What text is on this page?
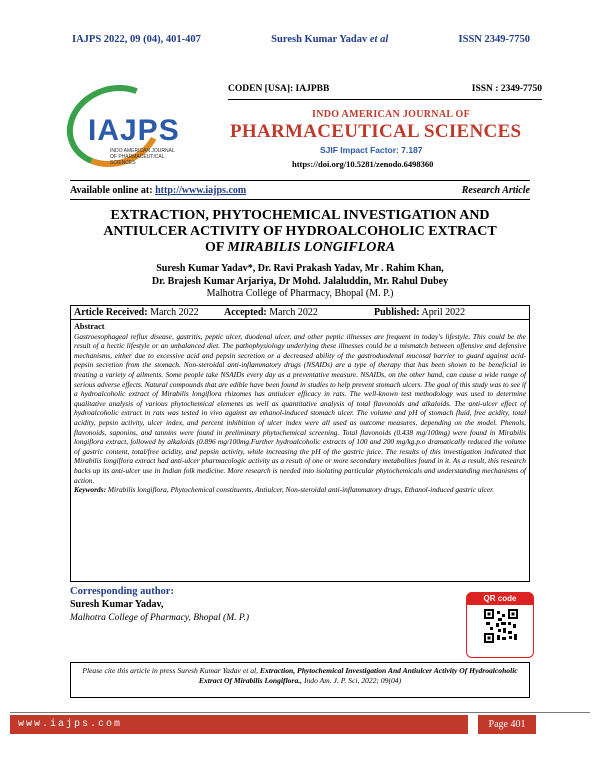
IAJPS 2022, 09 (04), 401-407	Suresh Kumar Yadav et al	ISSN 2349-7750
IAJPS
INDO AMERICAN JOURNAL OF PHARMACEUTICAL SCIENCES
CODEN [USA]: IAJPBB	ISSN : 2349-7750
INDO AMERICAN JOURNAL OF
PHARMACEUTICAL SCIENCES
SJIF Impact Factor: 7.187
https://doi.org/10.5281/zenodo.6498360
Available online at: http://www.iajps.com	Research Article
EXTRACTION, PHYTOCHEMICAL INVESTIGATION AND
ANTIULCER ACTIVITY OF HYDROALCOHOLIC EXTRACT
OF MIRABILIS LONGIFLORA
Suresh Kumar Yadav*, Dr. Ravi Prakash Yadav, Mr . Rahim Khan,
Dr. Brajesh Kumar Arjariya, Dr Mohd. Jalaluddin, Mr. Rahul Dubey
Malhotra College of Pharmacy, Bhopal (M. P.)
Article Received: March 2022	Accepted: March 2022	Published: April 2022
Abstract
Gastroesophageal reflux disease, gastritis, peptic ulcer, duodenal ulcer, and other peptic illnesses are frequent in today's lifestyle. This could be the result of a hectic lifestyle or an unbalanced diet. The pathophysiology underlying these illnesses could be a mismatch between offensive and defensive mechanisms, either due to excessive acid and pepsin secretion or a decreased ability of the gastroduodenal mucosal barrier to guard against acid-pepsin secretion from the stomach. Non-steroidal anti-inflammatory drugs (NSAIDs) are a type of therapy that has been shown to be beneficial in treating a variety of ailments. Some people take NSAIDs every day as a preventative measure. NSAIDs, on the other hand, can cause a wide range of serious adverse effects. Natural compounds that are edible have been found in studies to help prevent stomach ulcers. The goal of this study was to see if a hydroalcoholic extract of Mirabilis longiflora rhizomes has antiulcer efficacy in rats. The well-known test methodology was used to determine qualitative analysis of various phytochemical elements as well as quantitative analysis of total flavonoids and alkaloids. The anti-ulcer effect of hydroalcoholic extract in rats was tested in vivo against an ethanol-induced stomach ulcer. The volume and pH of stomach fluid, free acidity, total acidity, pepsin activity, ulcer index, and percent inhibition of ulcer index were all used as outcome measures, depending on the model. Phenols, flavonoids, saponins, and tannins were found in preliminary phytochemical screening. Total flavonoids (0.438 mg/100mg) were found in Mirabilis longiflora extract, followed by alkaloids (0.896 mg/100mg.Further hydroalcoholic extracts of 100 and 200 mg/kg.p.o dramatically reduced the volume of gastric content, total/free acidity, and pepsin activity, while increasing the pH of the gastric juice. The results of this investigation indicated that Mirabilis longiflora extract had anti-ulcer pharmacologic activity as a result of one or more secondary metabolites found in it. As a result, this research backs up its anti-ulcer use in Indian folk medicine. More research is needed into isolating particular phytochemicals and understanding mechanisms of action.
Keywords: Mirabilis longiflora, Phytochemical constituents, Antiulcer, Non-steroidal anti-inflammatory drugs, Ethanol-induced gastric ulcer.
Corresponding author:
Suresh Kumar Yadav,
Malhotra College of Pharmacy, Bhopal (M. P.)
QR code
Please cite this article in press Suresh Kumar Yadav et al, Extraction, Phytochemical Investigation And Antiulcer Activity Of Hydroalcoholic Extract Of Mirabilis Longiflora., Indo Am. J. P. Sci, 2022; 09(04)
www.iajps.com	Page 401
